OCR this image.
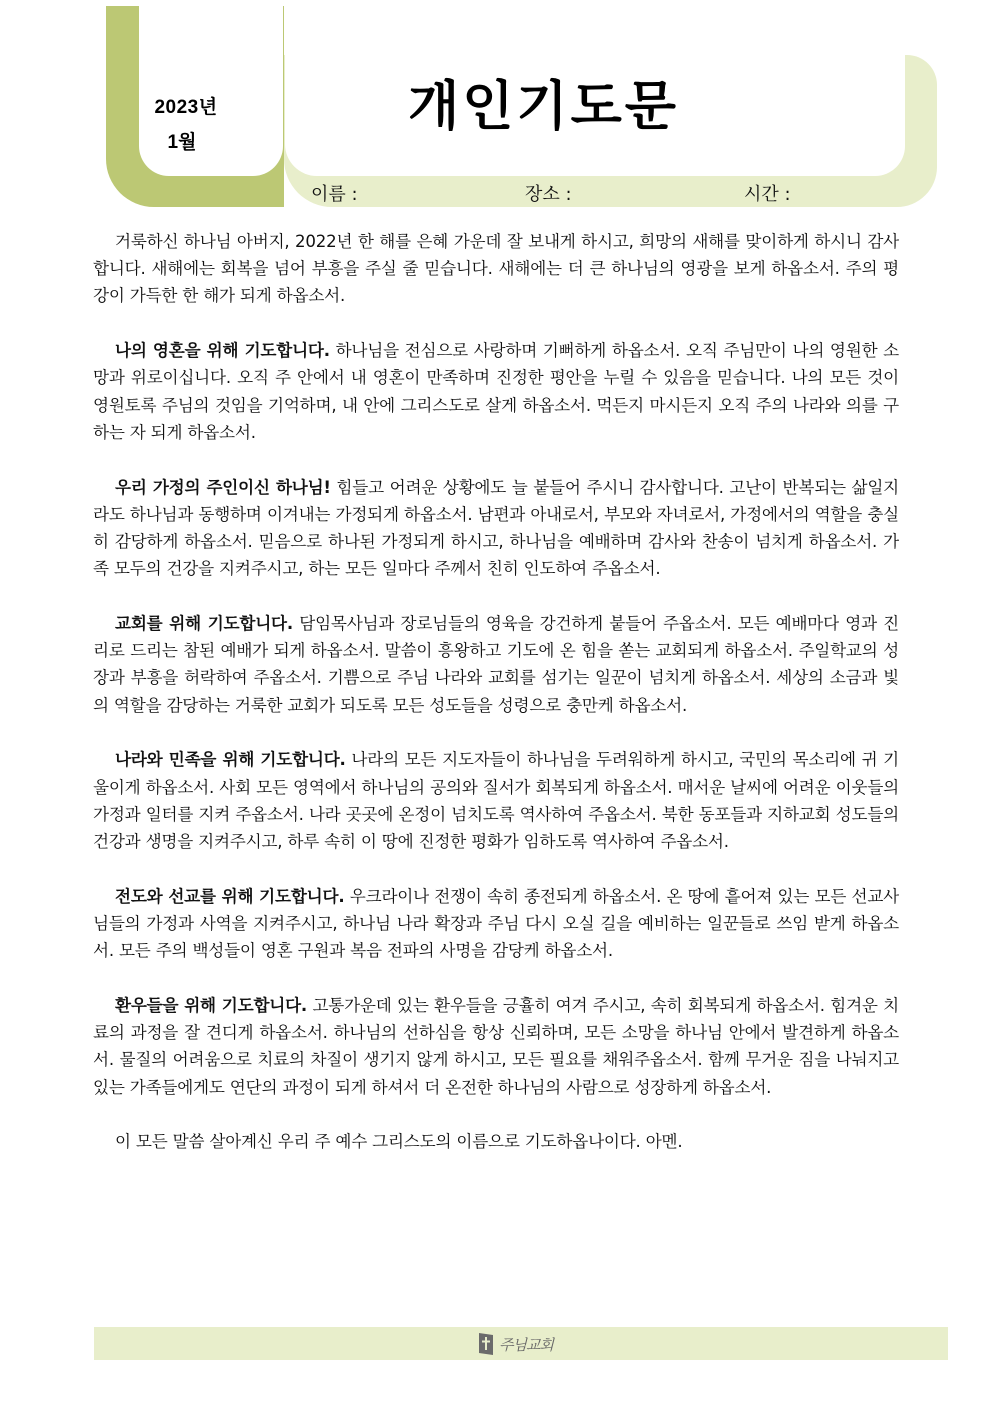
2023년
1월
개인기도문
이름 :	장소 :	시간 :

거룩하신 하나님 아버지, 2022년 한 해를 은혜 가운데 잘 보내게 하시고, 희망의 새해를 맞이하게 하시니 감사합니다. 새해에는 회복을 넘어 부흥을 주실 줄 믿습니다. 새해에는 더 큰 하나님의 영광을 보게 하옵소서. 주의 평강이 가득한 한 해가 되게 하옵소서.

나의 영혼을 위해 기도합니다. 하나님을 전심으로 사랑하며 기뻐하게 하옵소서. 오직 주님만이 나의 영원한 소망과 위로이십니다. 오직 주 안에서 내 영혼이 만족하며 진정한 평안을 누릴 수 있음을 믿습니다. 나의 모든 것이 영원토록 주님의 것임을 기억하며, 내 안에 그리스도로 살게 하옵소서. 먹든지 마시든지 오직 주의 나라와 의를 구하는 자 되게 하옵소서.

우리 가정의 주인이신 하나님! 힘들고 어려운 상황에도 늘 붙들어 주시니 감사합니다. 고난이 반복되는 삶일지라도 하나님과 동행하며 이겨내는 가정되게 하옵소서. 남편과 아내로서, 부모와 자녀로서, 가정에서의 역할을 충실히 감당하게 하옵소서. 믿음으로 하나된 가정되게 하시고, 하나님을 예배하며 감사와 찬송이 넘치게 하옵소서. 가족 모두의 건강을 지켜주시고, 하는 모든 일마다 주께서 친히 인도하여 주옵소서.

교회를 위해 기도합니다. 담임목사님과 장로님들의 영육을 강건하게 붙들어 주옵소서. 모든 예배마다 영과 진리로 드리는 참된 예배가 되게 하옵소서. 말씀이 흥왕하고 기도에 온 힘을 쏟는 교회되게 하옵소서. 주일학교의 성장과 부흥을 허락하여 주옵소서. 기쁨으로 주님 나라와 교회를 섬기는 일꾼이 넘치게 하옵소서. 세상의 소금과 빛의 역할을 감당하는 거룩한 교회가 되도록 모든 성도들을 성령으로 충만케 하옵소서.

나라와 민족을 위해 기도합니다. 나라의 모든 지도자들이 하나님을 두려워하게 하시고, 국민의 목소리에 귀 기울이게 하옵소서. 사회 모든 영역에서 하나님의 공의와 질서가 회복되게 하옵소서. 매서운 날씨에 어려운 이웃들의 가정과 일터를 지켜 주옵소서. 나라 곳곳에 온정이 넘치도록 역사하여 주옵소서. 북한 동포들과 지하교회 성도들의 건강과 생명을 지켜주시고, 하루 속히 이 땅에 진정한 평화가 임하도록 역사하여 주옵소서.

전도와 선교를 위해 기도합니다. 우크라이나 전쟁이 속히 종전되게 하옵소서. 온 땅에 흩어져 있는 모든 선교사님들의 가정과 사역을 지켜주시고, 하나님 나라 확장과 주님 다시 오실 길을 예비하는 일꾼들로 쓰임 받게 하옵소서. 모든 주의 백성들이 영혼 구원과 복음 전파의 사명을 감당케 하옵소서.

환우들을 위해 기도합니다. 고통가운데 있는 환우들을 긍휼히 여겨 주시고, 속히 회복되게 하옵소서. 힘겨운 치료의 과정을 잘 견디게 하옵소서. 하나님의 선하심을 항상 신뢰하며, 모든 소망을 하나님 안에서 발견하게 하옵소서. 물질의 어려움으로 치료의 차질이 생기지 않게 하시고, 모든 필요를 채워주옵소서. 함께 무거운 짐을 나눠지고 있는 가족들에게도 연단의 과정이 되게 하셔서 더 온전한 하나님의 사람으로 성장하게 하옵소서.

이 모든 말씀 살아계신 우리 주 예수 그리스도의 이름으로 기도하옵나이다. 아멘.

주님교회
